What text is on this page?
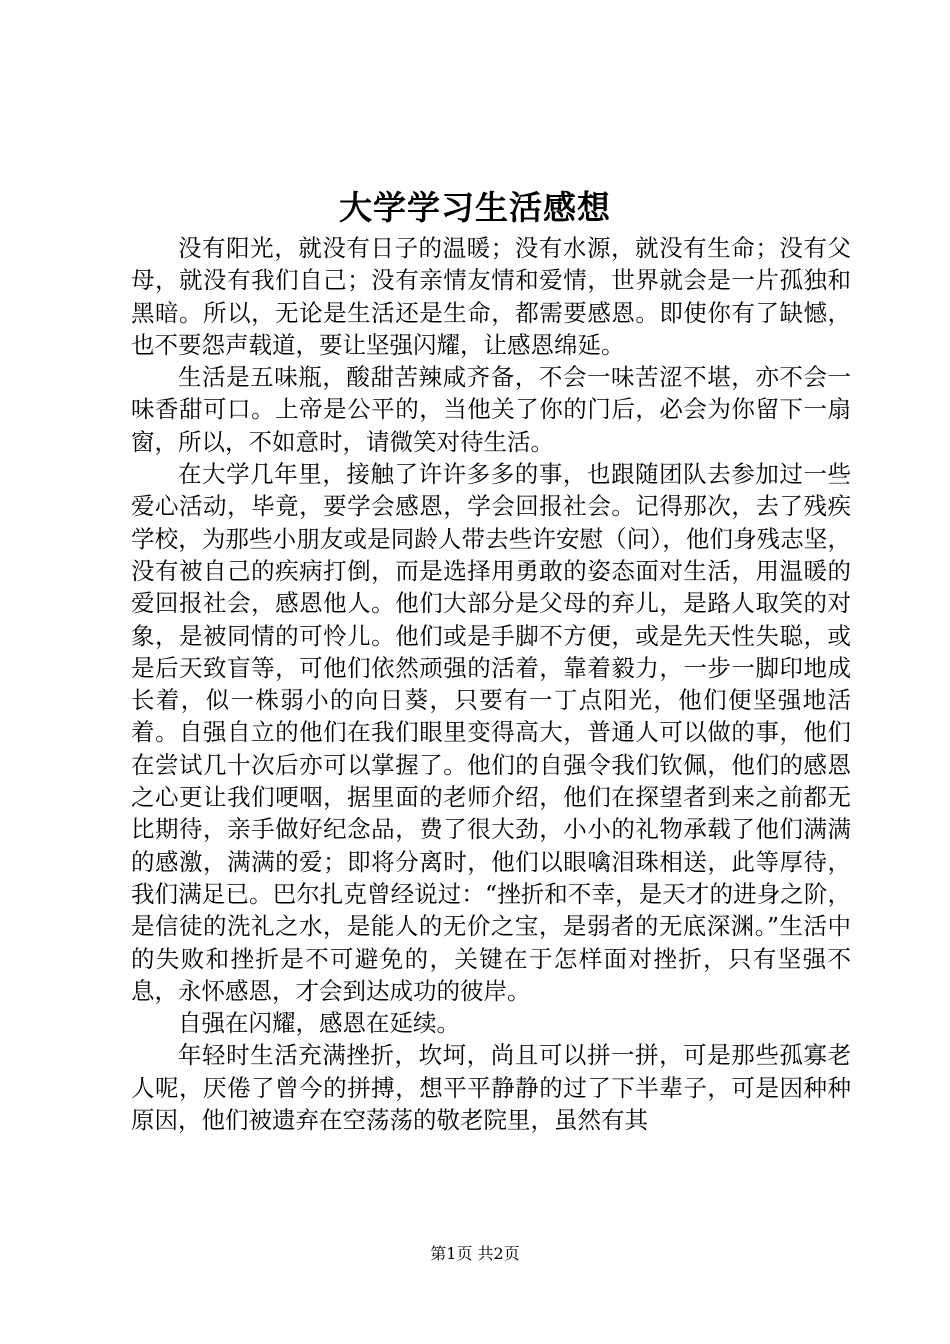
大学学习生活感想

没有阳光，就没有日子的温暖；没有水源，就没有生命；没有父母，就没有我们自己；没有亲情友情和爱情，世界就会是一片孤独和黑暗。所以，无论是生活还是生命，都需要感恩。即使你有了缺憾，也不要怨声载道，要让坚强闪耀，让感恩绵延。

生活是五味瓶，酸甜苦辣咸齐备，不会一味苦涩不堪，亦不会一味香甜可口。上帝是公平的，当他关了你的门后，必会为你留下一扇窗，所以，不如意时，请微笑对待生活。

在大学几年里，接触了许许多多的事，也跟随团队去参加过一些爱心活动，毕竟，要学会感恩，学会回报社会。记得那次，去了残疾学校，为那些小朋友或是同龄人带去些许安慰（问），他们身残志坚，没有被自己的疾病打倒，而是选择用勇敢的姿态面对生活，用温暖的爱回报社会，感恩他人。他们大部分是父母的弃儿，是路人取笑的对象，是被同情的可怜儿。他们或是手脚不方便，或是先天性失聪，或是后天致盲等，可他们依然顽强的活着，靠着毅力，一步一脚印地成长着，似一株弱小的向日葵，只要有一丁点阳光，他们便坚强地活着。自强自立的他们在我们眼里变得高大，普通人可以做的事，他们在尝试几十次后亦可以掌握了。他们的自强令我们钦佩，他们的感恩之心更让我们哽咽，据里面的老师介绍，他们在探望者到来之前都无比期待，亲手做好纪念品，费了很大劲，小小的礼物承载了他们满满的感激，满满的爱；即将分离时，他们以眼噙泪珠相送，此等厚待，我们满足已。巴尔扎克曾经说过：“挫折和不幸，是天才的进身之阶，是信徒的洗礼之水，是能人的无价之宝，是弱者的无底深渊。”生活中的失败和挫折是不可避免的，关键在于怎样面对挫折，只有坚强不息，永怀感恩，才会到达成功的彼岸。

自强在闪耀，感恩在延续。

年轻时生活充满挫折，坎坷，尚且可以拼一拼，可是那些孤寡老人呢，厌倦了曾今的拼搏，想平平静静的过了下半辈子，可是因种种原因，他们被遗弃在空荡荡的敬老院里，虽然有其

第1页 共2页
